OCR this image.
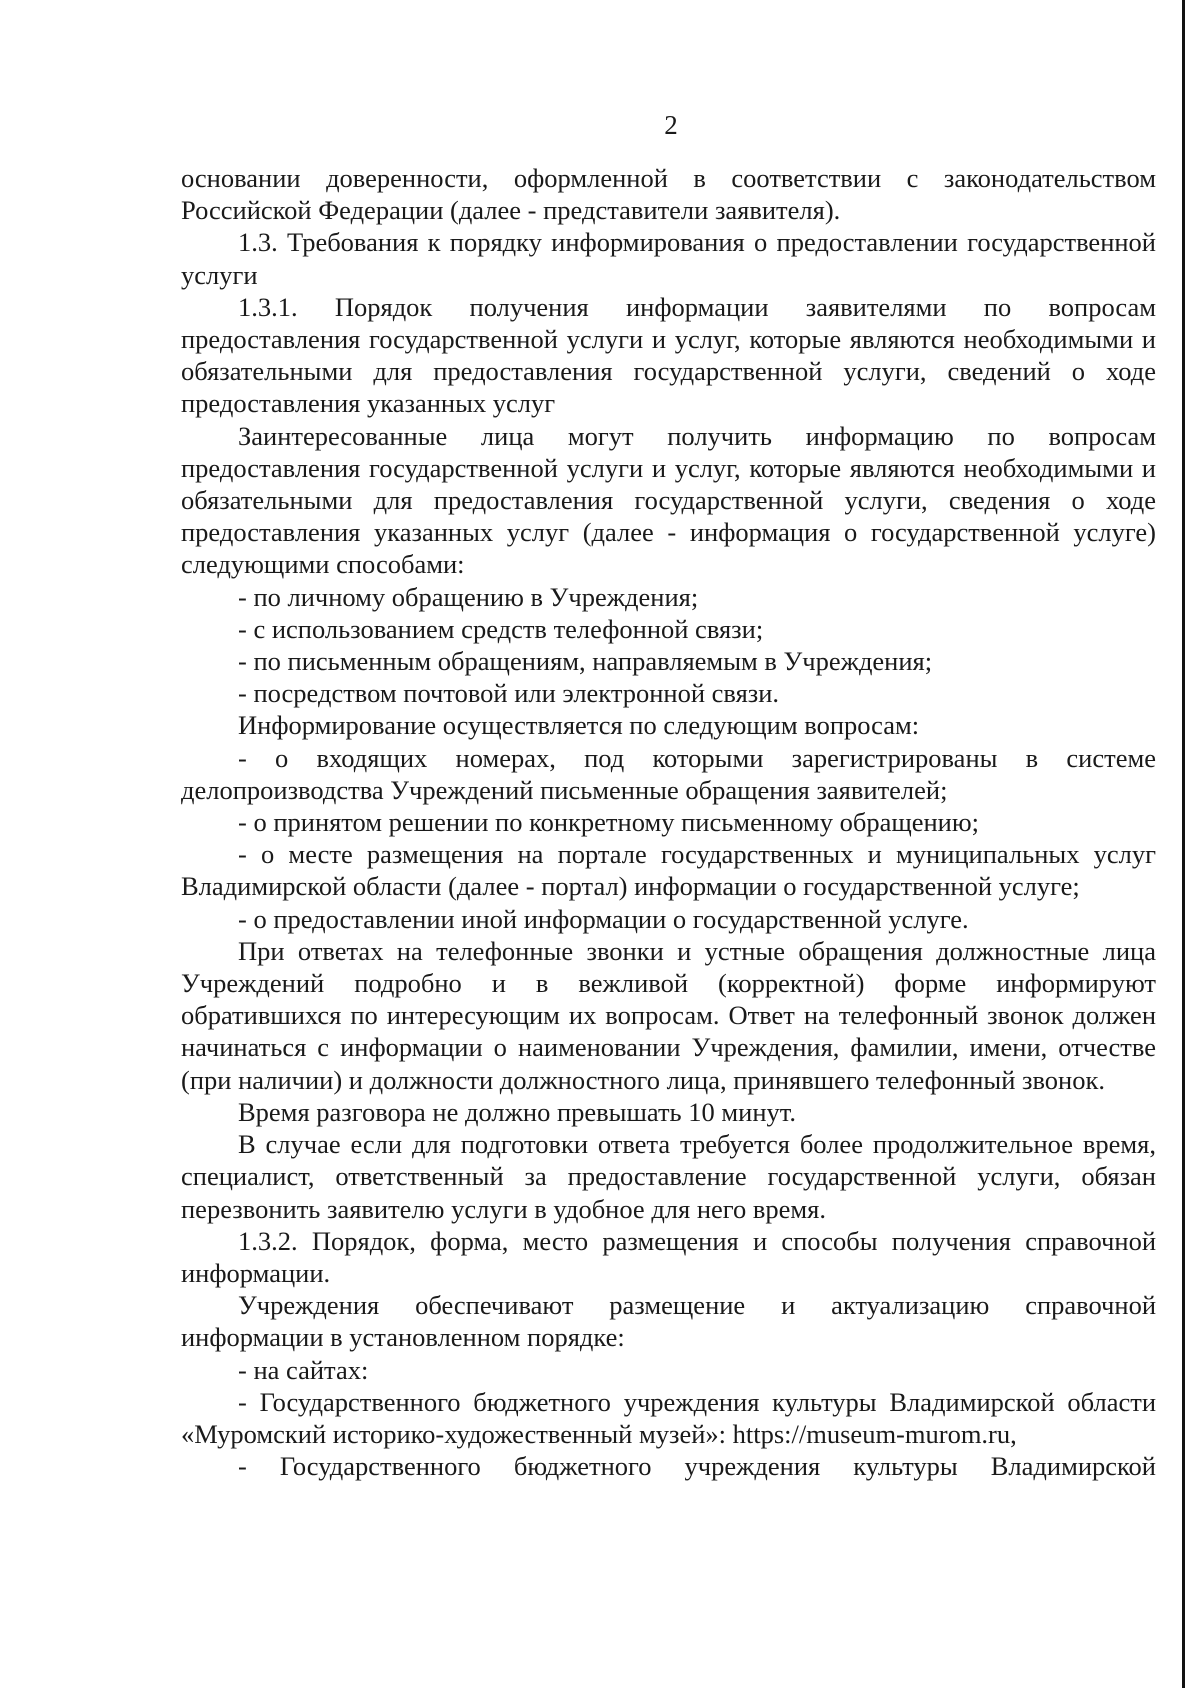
2

основании доверенности, оформленной в соответствии с законодательством Российской Федерации (далее - представители заявителя).

1.3. Требования к порядку информирования о предоставлении государственной услуги

1.3.1. Порядок получения информации заявителями по вопросам предоставления государственной услуги и услуг, которые являются необходимыми и обязательными для предоставления государственной услуги, сведений о ходе предоставления указанных услуг

Заинтересованные лица могут получить информацию по вопросам предоставления государственной услуги и услуг, которые являются необходимыми и обязательными для предоставления государственной услуги, сведения о ходе предоставления указанных услуг (далее - информация о государственной услуге) следующими способами:

- по личному обращению в Учреждения;

- с использованием средств телефонной связи;

- по письменным обращениям, направляемым в Учреждения;

- посредством почтовой или электронной связи.

Информирование осуществляется по следующим вопросам:

- о входящих номерах, под которыми зарегистрированы в системе делопроизводства Учреждений письменные обращения заявителей;

- о принятом решении по конкретному письменному обращению;

- о месте размещения на портале государственных и муниципальных услуг Владимирской области (далее - портал) информации о государственной услуге;

- о предоставлении иной информации о государственной услуге.

При ответах на телефонные звонки и устные обращения должностные лица Учреждений подробно и в вежливой (корректной) форме информируют обратившихся по интересующим их вопросам. Ответ на телефонный звонок должен начинаться с информации о наименовании Учреждения, фамилии, имени, отчестве (при наличии) и должности должностного лица, принявшего телефонный звонок.

Время разговора не должно превышать 10 минут.

В случае если для подготовки ответа требуется более продолжительное время, специалист, ответственный за предоставление государственной услуги, обязан перезвонить заявителю услуги в удобное для него время.

1.3.2. Порядок, форма, место размещения и способы получения справочной информации.

Учреждения обеспечивают размещение и актуализацию справочной информации в установленном порядке:

- на сайтах:

- Государственного бюджетного учреждения культуры Владимирской области «Муромский историко-художественный музей»: https://museum-murom.ru,

- Государственного бюджетного учреждения культуры Владимирской
